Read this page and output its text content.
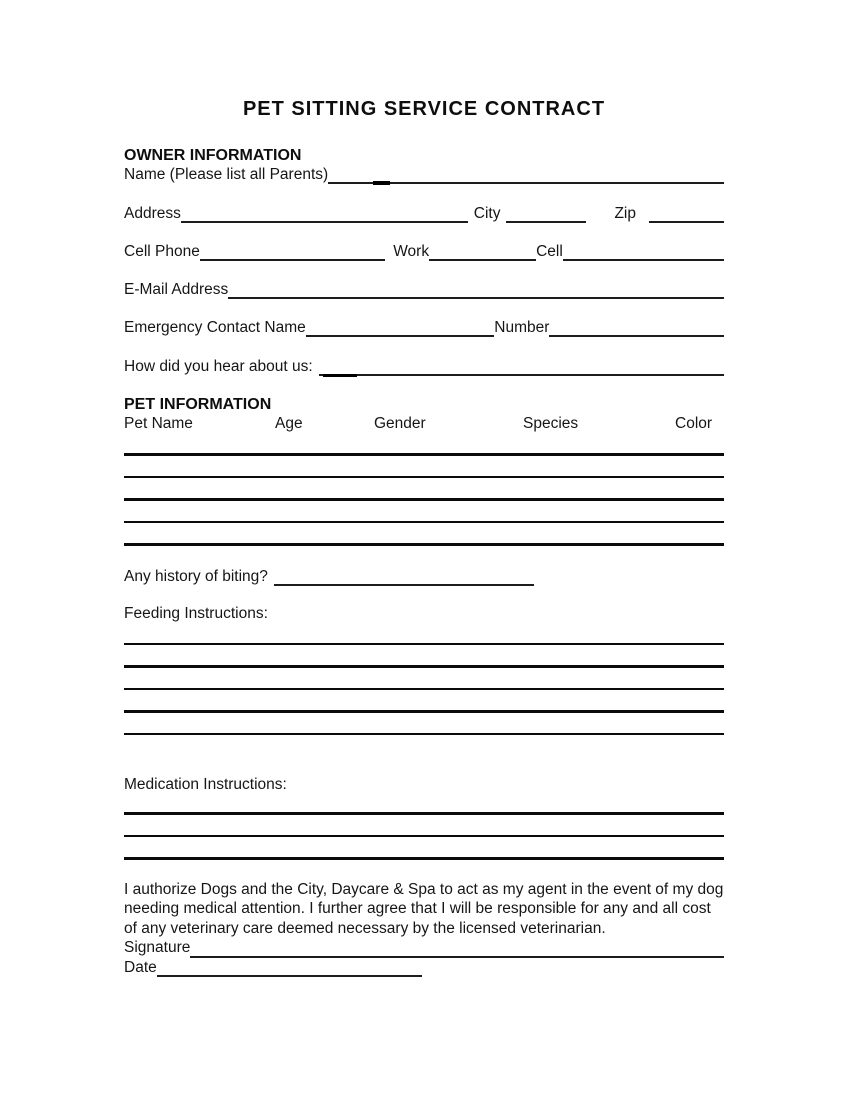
PET SITTING SERVICE CONTRACT
OWNER INFORMATION
Name (Please list all Parents)
Address	City	Zip
Cell Phone	Work	Cell
E-Mail Address
Emergency Contact Name	Number
How did you hear about us:
PET INFORMATION
Pet Name	Age	Gender	Species	Color
Any history of biting?
Feeding Instructions:
Medication Instructions:
I authorize Dogs and the City, Daycare & Spa to act as my agent in the event of my dog needing medical attention. I further agree that I will be responsible for any and all cost of any veterinary care deemed necessary by the licensed veterinarian.
Signature
Date
